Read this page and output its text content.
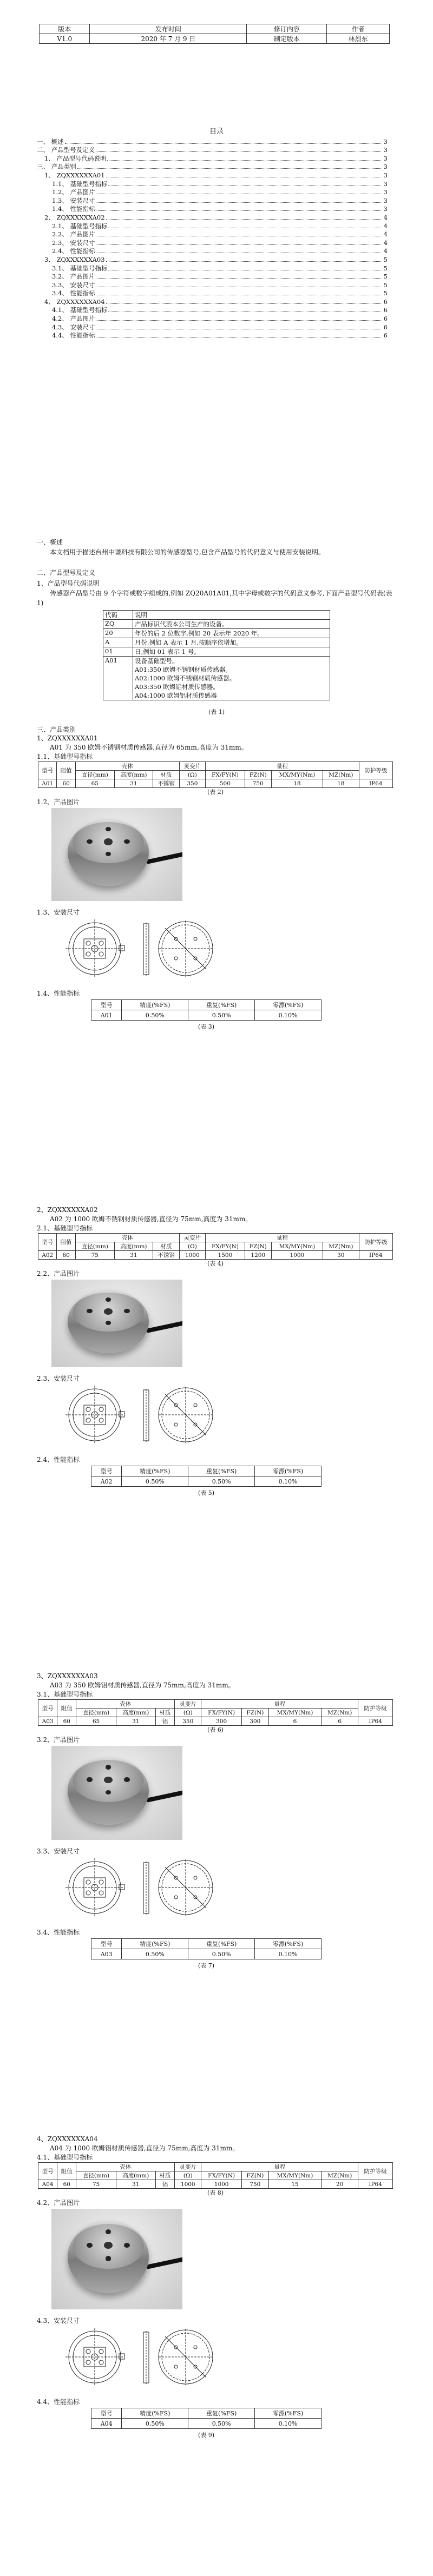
版本	发布时间	修订内容	作者
V1.0	2020 年 7 月 9 日	制定版本	林烈东
目录
一、 概述	3
二、 产品型号及定义	3
1、 产品型号代码说明	3
三、 产品类别	3
1、 ZQXXXXXXA01	3
1.1、 基础型号指标	3
1.2、 产品图片	3
1.3、 安装尺寸	3
1.4、 性能指标	3
2、 ZQXXXXXXA02	4
2.1、 基础型号指标	4
2.2、 产品图片	4
2.3、 安装尺寸	4
2.4、 性能指标	4
3、 ZQXXXXXXA03	5
3.1、 基础型号指标	5
3.2、 产品图片	5
3.3、 安装尺寸	5
3.4、 性能指标	5
4、 ZQXXXXXXA04	6
4.1、 基础型号指标	6
4.2、 产品图片	6
4.3、 安装尺寸	6
4.4、 性能指标	6
一、概述
本文档用于描述台州中谦科技有限公司的传感器型号,包含产品型号的代码意义与使用安装说明。
二、产品型号及定义
1、产品型号代码说明
传感器产品型号由 9 个字符或数字组成的,例如 ZQ20A01A01,其中字母或数字的代码意义参考,下面产品型号代码表(表 1)
代码	说明
ZQ	产品标识代表本公司生产的设备。
20	年份的后 2 位数字,例如 20 表示年 2020 年。
A	月份,例如 A 表示 1 月,按顺序依增加。
01	日,例如 01 表示 1 号。
A01	设备基础型号。
A01:350 欧姆不锈钢材质传感器。
A02:1000 欧姆不锈钢材质传感器。
A03:350 欧姆铝材质传感器。
A04:1000 欧姆铝材质传感器
(表 1)
三、产品类别
1、ZQXXXXXXA01
A01 为 350 欧姆不锈钢材质传感器,直径为 65mm,高度为 31mm。
1.1、基础型号指标
型号	阻值	壳体			灵变片	量程				防护等级
		直径(mm)	高度(mm)	材质	(Ω)	FX/FY(N)	FZ(N)	MX/MY(Nm)	MZ(Nm)	
A01	60	65	31	不锈钢	350	500	750	18	18	IP64
(表 2)
1.2、产品图片
1.3、安装尺寸
1.4、性能指标
型号	精度(%FS)	重复(%FS)	零漂(%FS)
A01	0.50%	0.50%	0.10%
(表 3)
2、ZQXXXXXXA02
A02 为 1000 欧姆不锈钢材质传感器,直径为 75mm,高度为 31mm。
2.1、基础型号指标
型号	阻值	壳体			灵变片	量程				防护等级
		直径(mm)	高度(mm)	材质	(Ω)	FX/FY(N)	FZ(N)	MX/MY(Nm)	MZ(Nm)	
A02	60	75	31	不锈钢	1000	1500	1200	1000	30	IP64
(表 4)
2.2、产品图片
2.3、安装尺寸
2.4、性能指标
型号	精度(%FS)	重复(%FS)	零漂(%FS)
A02	0.50%	0.50%	0.10%
(表 5)
3、ZQXXXXXXA03
A03 为 350 欧姆铝材质传感器,直径为 75mm,高度为 31mm。
3.1、基础型号指标
型号	阻值	壳体			灵变片	量程				防护等级
		直径(mm)	高度(mm)	材质	(Ω)	FX/FY(N)	FZ(N)	MX/MY(Nm)	MZ(Nm)	
A03	60	65	31	铝	350	300	300	6	6	IP64
(表 6)
3.2、产品图片
3.3、安装尺寸
3.4、性能指标
型号	精度(%FS)	重复(%FS)	零漂(%FS)
A03	0.50%	0.50%	0.10%
(表 7)
4、ZQXXXXXXA04
A04 为 1000 欧姆铝材质传感器,直径为 75mm,高度为 31mm。
4.1、基础型号指标
型号	阻值	壳体			灵变片	量程				防护等级
		直径(mm)	高度(mm)	材质	(Ω)	FX/FY(N)	FZ(N)	MX/MY(Nm)	MZ(Nm)	
A04	60	75	31	铝	1000	1000	750	15	20	IP64
(表 8)
4.2、产品图片
4.3、安装尺寸
4.4、性能指标
型号	精度(%FS)	重复(%FS)	零漂(%FS)
A04	0.50%	0.50%	0.10%
(表 9)
